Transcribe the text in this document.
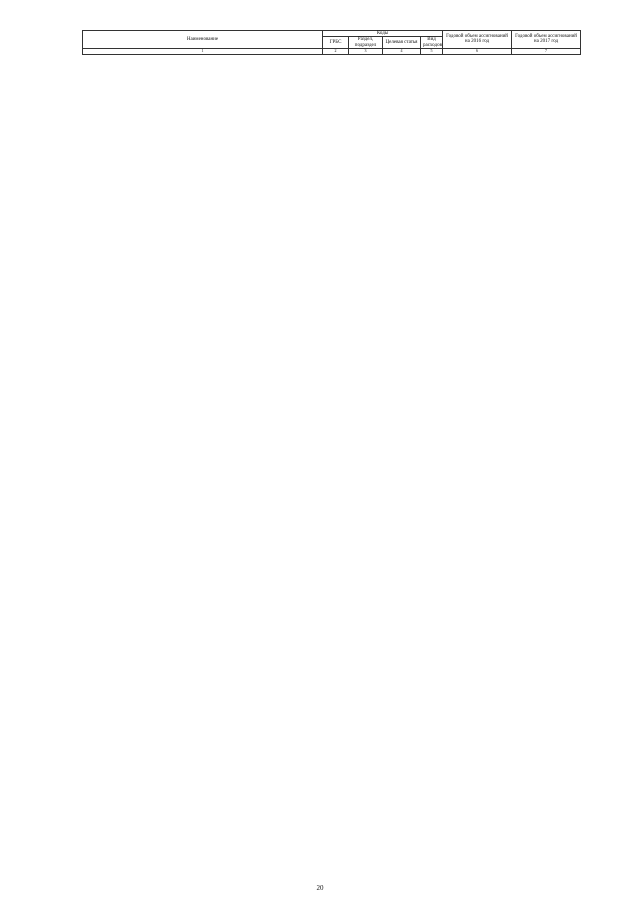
Наименование	Коды				Годовой объем ассигнований на 2016 год	Годовой объем ассигнований на 2017 год
	ГРБС	Раздел, подраздел	Целевая статья	Вид расходов		
1	2	3	4	5	6	7
20
